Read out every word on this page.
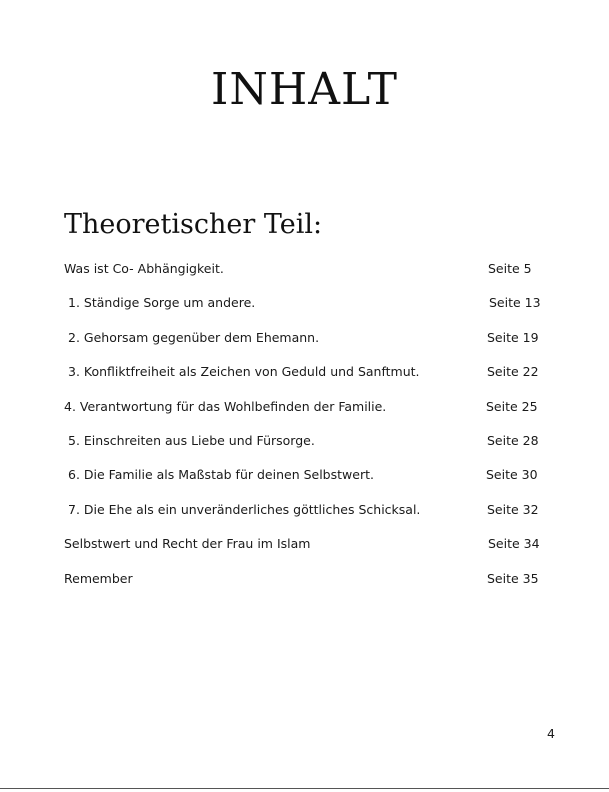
INHALT
Theoretischer Teil:
Was ist Co- Abhängigkeit.	Seite 5
1. Ständige Sorge um andere.	Seite 13
2. Gehorsam gegenüber dem Ehemann.	Seite 19
3. Konfliktfreiheit als Zeichen von Geduld und Sanftmut.	Seite 22
4. Verantwortung für das Wohlbefinden der Familie.	Seite 25
5. Einschreiten aus Liebe und Fürsorge.	Seite 28
6. Die Familie als Maßstab für deinen Selbstwert.	Seite 30
7. Die Ehe als ein unveränderliches göttliches Schicksal.	Seite 32
Selbstwert und Recht der Frau im Islam	Seite 34
Remember	Seite 35
4
